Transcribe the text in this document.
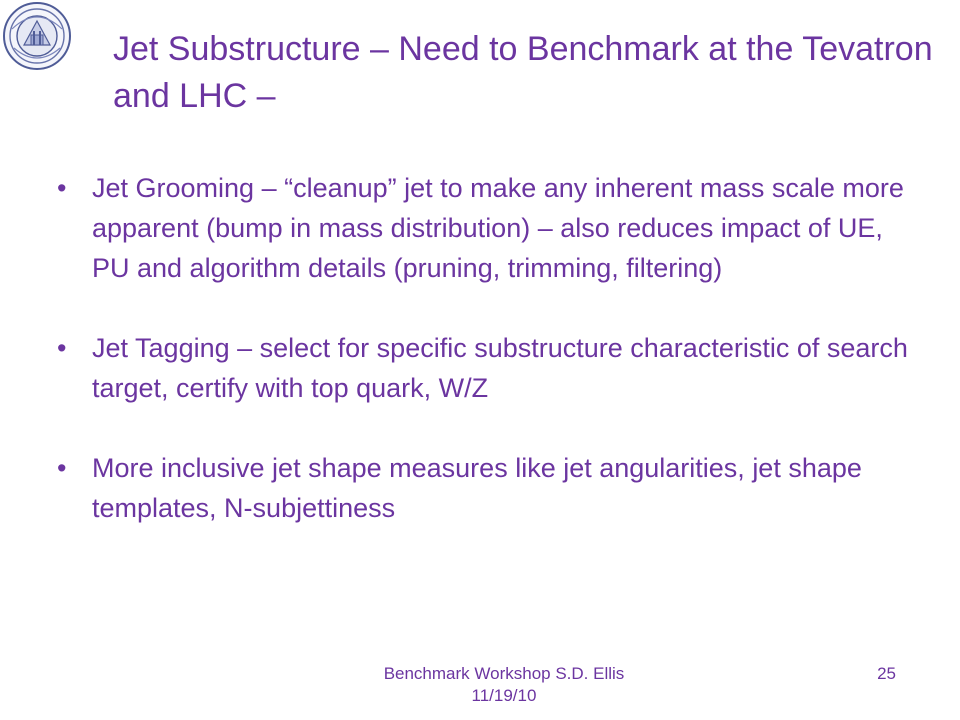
Jet Substructure – Need to Benchmark at the Tevatron and LHC –
• Jet Grooming – “cleanup” jet to make any inherent mass scale more apparent (bump in mass distribution) – also reduces impact of UE, PU and algorithm details (pruning, trimming, filtering)
• Jet Tagging – select for specific substructure characteristic of search target, certify with top quark, W/Z
• More inclusive jet shape measures like jet angularities, jet shape templates, N-subjettiness
Benchmark Workshop S.D. Ellis 11/19/10
25
